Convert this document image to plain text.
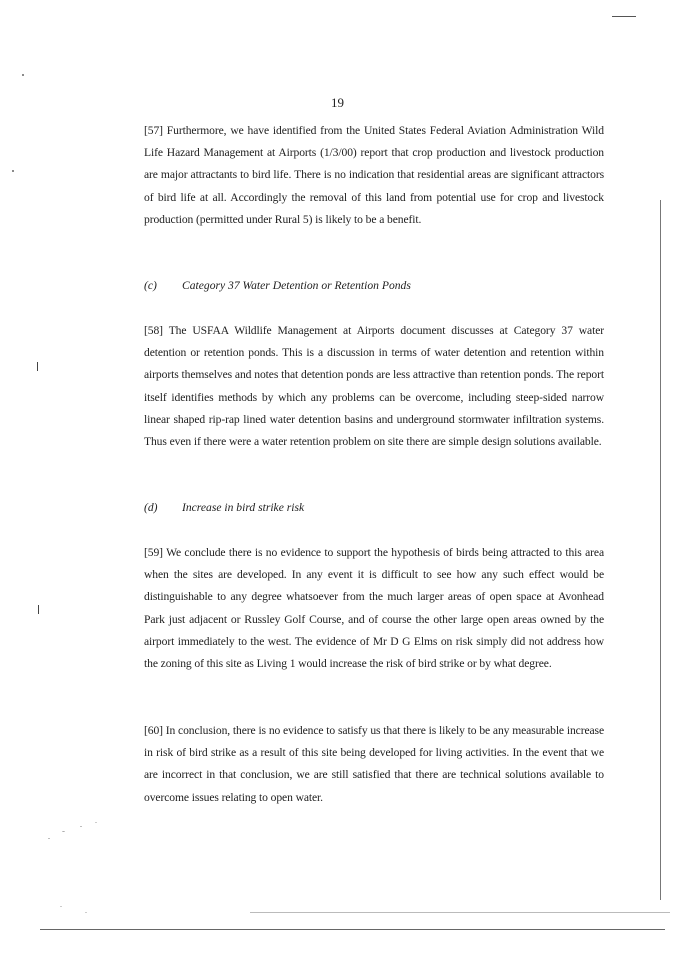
19

[57] Furthermore, we have identified from the United States Federal Aviation Administration Wild Life Hazard Management at Airports (1/3/00) report that crop production and livestock production are major attractants to bird life. There is no indication that residential areas are significant attractors of bird life at all. Accordingly the removal of this land from potential use for crop and livestock production (permitted under Rural 5) is likely to be a benefit.

(c) Category 37 Water Detention or Retention Ponds

[58] The USFAA Wildlife Management at Airports document discusses at Category 37 water detention or retention ponds. This is a discussion in terms of water detention and retention within airports themselves and notes that detention ponds are less attractive than retention ponds. The report itself identifies methods by which any problems can be overcome, including steep-sided narrow linear shaped rip-rap lined water detention basins and underground stormwater infiltration systems. Thus even if there were a water retention problem on site there are simple design solutions available.

(d) Increase in bird strike risk

[59] We conclude there is no evidence to support the hypothesis of birds being attracted to this area when the sites are developed. In any event it is difficult to see how any such effect would be distinguishable to any degree whatsoever from the much larger areas of open space at Avonhead Park just adjacent or Russley Golf Course, and of course the other large open areas owned by the airport immediately to the west. The evidence of Mr D G Elms on risk simply did not address how the zoning of this site as Living 1 would increase the risk of bird strike or by what degree.

[60] In conclusion, there is no evidence to satisfy us that there is likely to be any measurable increase in risk of bird strike as a result of this site being developed for living activities. In the event that we are incorrect in that conclusion, we are still satisfied that there are technical solutions available to overcome issues relating to open water.
